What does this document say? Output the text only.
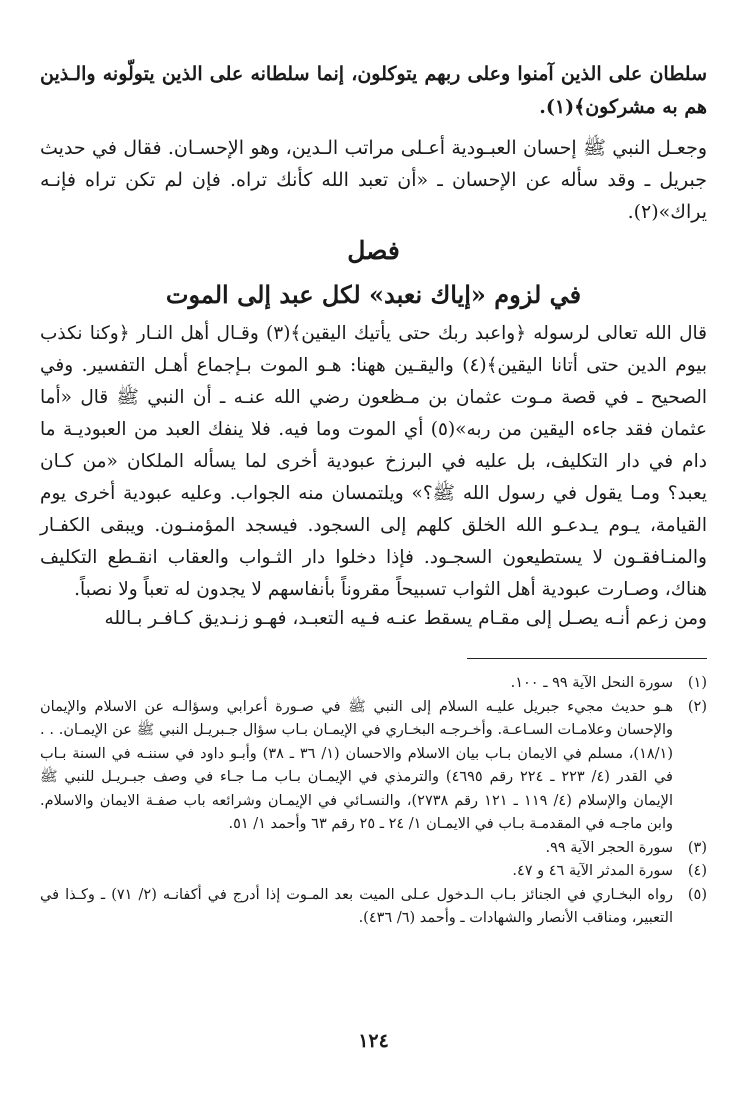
سلطان على الذين آمنوا وعلى ربهم يتوكلون، إنما سلطانه على الذين يتولّونه والـذين هم به مشركون﴾(١).
وجعـل النبي ﷺ إحسان العبـودية أعـلى مراتب الـدين، وهو الإحسـان. فقال في حديث جبريل ـ وقد سأله عن الإحسان ـ «أن تعبد الله كأنك تراه. فإن لم تكن تراه فإنـه يراك»(٢).
فصل
في لزوم «إياك نعبد» لكل عبد إلى الموت
قال الله تعالى لرسوله ﴿واعبد ربك حتى يأتيك اليقين﴾(٣) وقـال أهل النـار ﴿وكنا نكذب بيوم الدين حتى أتانا اليقين﴾(٤) واليقـين ههنا: هـو الموت بـإجماع أهـل التفسير. وفي الصحيح ـ في قصة مـوت عثمان بن مـظعون رضي الله عنـه ـ أن النبي ﷺ قال «أما عثمان فقد جاءه اليقين من ربه»(٥) أي الموت وما فيه. فلا ينفك العبد من العبوديـة ما دام في دار التكليف، بل عليه في البرزخ عبودية أخرى لما يسأله الملكان «من كـان يعبد؟ ومـا يقول في رسول الله ﷺ؟» ويلتمسان منه الجواب. وعليه عبودية أخرى يوم القيامة، يـوم يـدعـو الله الخلق كلهم إلى السجود. فيسجد المؤمنـون. ويبقى الكفـار والمنـافقـون لا يستطيعون السجـود. فإذا دخلوا دار الثـواب والعقاب انقـطع التكليف هناك، وصـارت عبودية أهل الثواب تسبيحاً مقروناً بأنفاسهم لا يجدون له تعباً ولا نصباً.
ومن زعم أنـه يصـل إلى مقـام يسقط عنـه فـيه التعبـد، فهـو زنـديق كـافـر بـالله
(١)
سورة النحل الآية ٩٩ ـ ١٠٠.
(٢)
هـو حديث مجيء جبريل عليـه السلام إلى النبي ﷺ في صـورة أعرابي وسؤالـه عن الاسلام والإيمان والإحسان وعلامـات السـاعـة. وأخـرجـه البخـاري في الإيمـان بـاب سؤال جـبريـل النبي ﷺ عن الإيمـان. . . (١٨/١)، مسلم في الايمان بـاب بيان الاسلام والاحسان (١/ ٣٦ ـ ٣٨) وأبـو داود في سننـه في السنة بـاب في القدر (٤/ ٢٢٣ ـ ٢٢٤ رقم ٤٦٩٥) والترمذي في الإيمـان بـاب مـا جـاء في وصف جبـريـل للنبي ﷺ الإيمان والإسلام (٤/ ١١٩ ـ ١٢١ رقم ٢٧٣٨)، والنسـائي في الإيمـان وشرائعه باب صفـة الايمان والاسلام. وابن ماجـه في المقدمـة بـاب في الايمـان ١/ ٢٤ ـ ٢٥ رقم ٦٣ وأحمد ١/ ٥١.
(٣)
سورة الحجر الآية ٩٩.
(٤)
سورة المدثر الآية ٤٦ و ٤٧.
(٥)
رواه البخـاري في الجنائز بـاب الـدخول عـلى الميت بعد المـوت إذا أدرج في أكفانـه (٢/ ٧١) ـ وكـذا في التعبير، ومناقب الأنصار والشهادات ـ وأحمد (٦/ ٤٣٦).
١٢٤
